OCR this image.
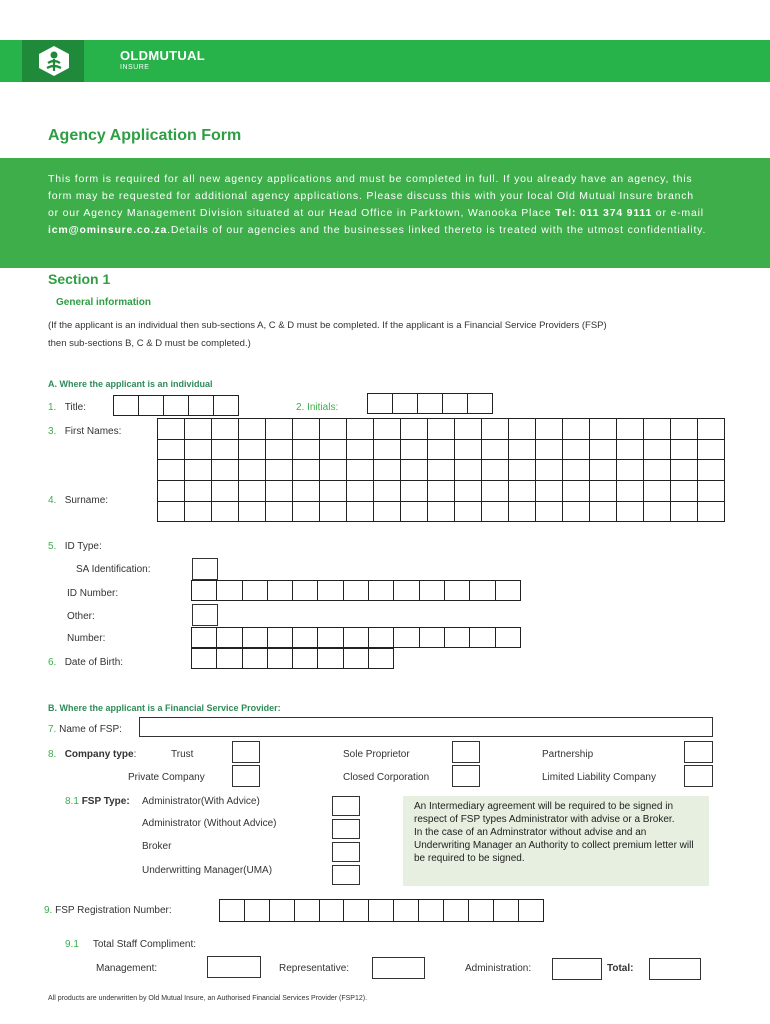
OLDMUTUAL
INSURE
Agency Application Form
This form is required for all new agency applications and must be completed in full. If you already have an agency, this form may be requested for additional agency applications. Please discuss this with your local Old Mutual Insure branch or our Agency Management Division situated at our Head Office in Parktown, Wanooka Place Tel: 011 374 9111 or e-mail icm@ominsure.co.za.Details of our agencies and the businesses linked thereto is treated with the utmost confidentiality.
Section 1
General information
(If the applicant is an individual then sub-sections A, C & D must be completed. If the applicant is a Financial Service Providers (FSP) then sub-sections B, C & D must be completed.)
A. Where the applicant is an individual
1. Title:	2. Initials:
3. First Names:
4. Surname:
5. ID Type:
SA Identification:
ID Number:
Other:
Number:
6. Date of Birth:
B. Where the applicant is a Financial Service Provider:
7. Name of FSP:
8. Company type:	Trust	Sole Proprietor	Partnership
Private Company	Closed Corporation	Limited Liability Company
8.1 FSP Type: Administrator(With Advice)
Administrator (Without Advice)
Broker
Underwritting Manager(UMA)
An Intermediary agreement will be required to be signed in respect of FSP types Administrator with advise or a Broker.
In the case of an Adminstrator without advise and an Underwriting Manager an Authority to collect premium letter will be required to be signed.
9. FSP Registration Number:
9.1 Total Staff Compliment:
Management:	Representative:	Administration:	Total:
All products are underwritten by Old Mutual Insure, an Authorised Financial Services Provider (FSP12).
